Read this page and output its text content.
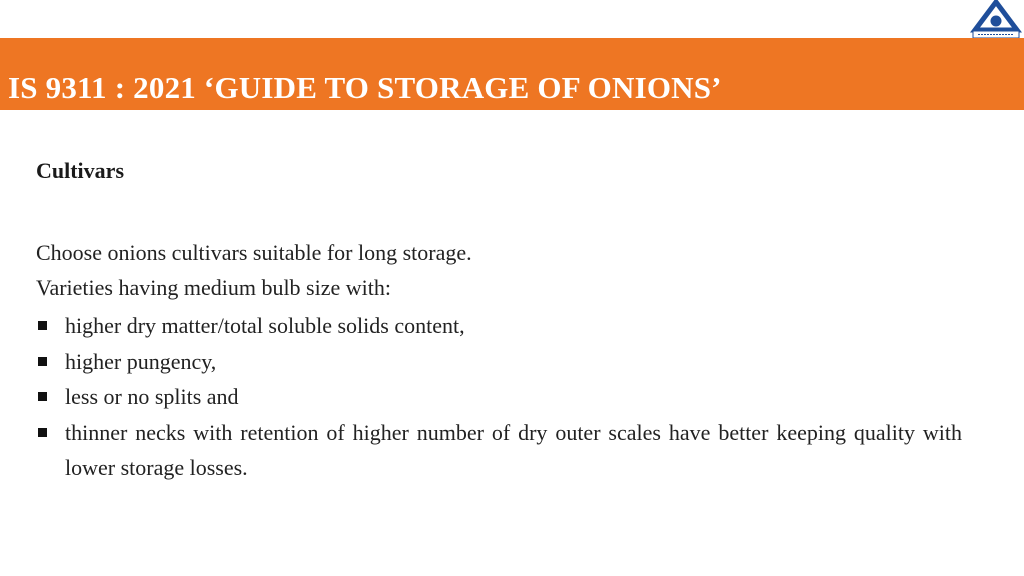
IS 9311 : 2021 ‘GUIDE TO STORAGE OF ONIONS’
Cultivars
Choose onions cultivars suitable for long storage.
Varieties having medium bulb size with:
higher dry matter/total soluble solids content,
higher pungency,
less or no splits and
thinner necks with retention of higher number of dry outer scales have better keeping quality with lower storage losses.
